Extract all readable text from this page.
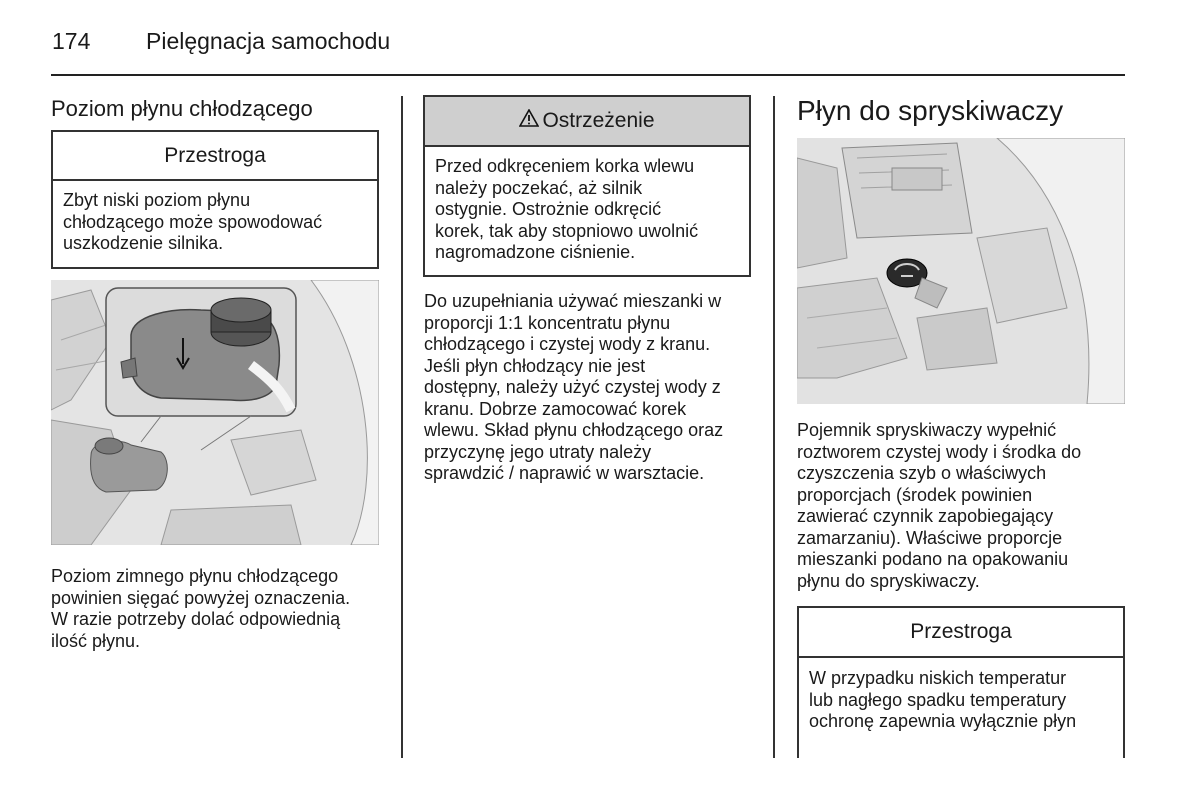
174 Pielęgnacja samochodu
Poziom płynu chłodzącego
Przestroga
Zbyt niski poziom płynu
chłodzącego może spowodować
uszkodzenie silnika.
Poziom zimnego płynu chłodzącego
powinien sięgać powyżej oznaczenia.
W razie potrzeby dolać odpowiednią
ilość płynu.
Ostrzeżenie
Przed odkręceniem korka wlewu
należy poczekać, aż silnik
ostygnie. Ostrożnie odkręcić
korek, tak aby stopniowo uwolnić
nagromadzone ciśnienie.
Do uzupełniania używać mieszanki w
proporcji 1:1 koncentratu płynu
chłodzącego i czystej wody z kranu.
Jeśli płyn chłodzący nie jest
dostępny, należy użyć czystej wody z
kranu. Dobrze zamocować korek
wlewu. Skład płynu chłodzącego oraz
przyczynę jego utraty należy
sprawdzić / naprawić w warsztacie.
Płyn do spryskiwaczy
Pojemnik spryskiwaczy wypełnić
roztworem czystej wody i środka do
czyszczenia szyb o właściwych
proporcjach (środek powinien
zawierać czynnik zapobiegający
zamarzaniu). Właściwe proporcje
mieszanki podano na opakowaniu
płynu do spryskiwaczy.
Przestroga
W przypadku niskich temperatur
lub nagłego spadku temperatury
ochronę zapewnia wyłącznie płyn
